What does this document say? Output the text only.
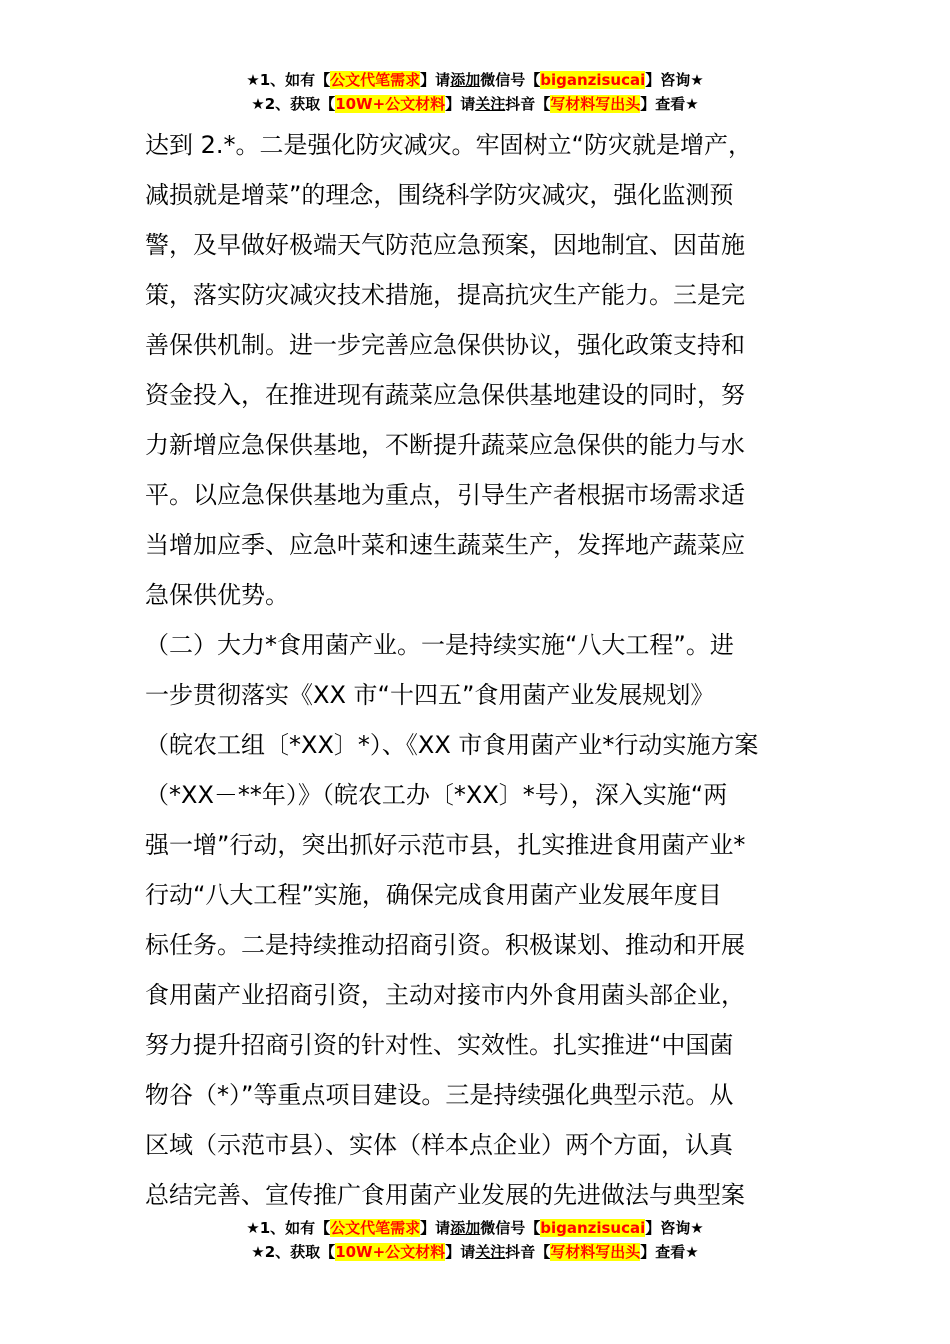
★1、如有【公文代笔需求】请添加微信号【biganzisucai】咨询★
★2、获取【10W+公文材料】请关注抖音【写材料写出头】查看★

达到 2.*。二是强化防灾减灾。牢固树立“防灾就是增产，

减损就是增菜”的理念，围绕科学防灾减灾，强化监测预

警，及早做好极端天气防范应急预案，因地制宜、因苗施

策，落实防灾减灾技术措施，提高抗灾生产能力。三是完

善保供机制。进一步完善应急保供协议，强化政策支持和

资金投入，在推进现有蔬菜应急保供基地建设的同时，努

力新增应急保供基地，不断提升蔬菜应急保供的能力与水

平。以应急保供基地为重点，引导生产者根据市场需求适

当增加应季、应急叶菜和速生蔬菜生产，发挥地产蔬菜应

急保供优势。

（二）大力*食用菌产业。一是持续实施“八大工程”。进

一步贯彻落实《XX 市“十四五”食用菌产业发展规划》

（皖农工组〔*XX〕*）、《XX 市食用菌产业*行动实施方案

（*XX－**年）》（皖农工办〔*XX〕*号），深入实施“两

强一增”行动，突出抓好示范市县，扎实推进食用菌产业*

行动“八大工程”实施，确保完成食用菌产业发展年度目

标任务。二是持续推动招商引资。积极谋划、推动和开展

食用菌产业招商引资，主动对接市内外食用菌头部企业，

努力提升招商引资的针对性、实效性。扎实推进“中国菌

物谷（*）”等重点项目建设。三是持续强化典型示范。从

区域（示范市县）、实体（样本点企业）两个方面，认真

总结完善、宣传推广食用菌产业发展的先进做法与典型案

★1、如有【公文代笔需求】请添加微信号【biganzisucai】咨询★
★2、获取【10W+公文材料】请关注抖音【写材料写出头】查看★
